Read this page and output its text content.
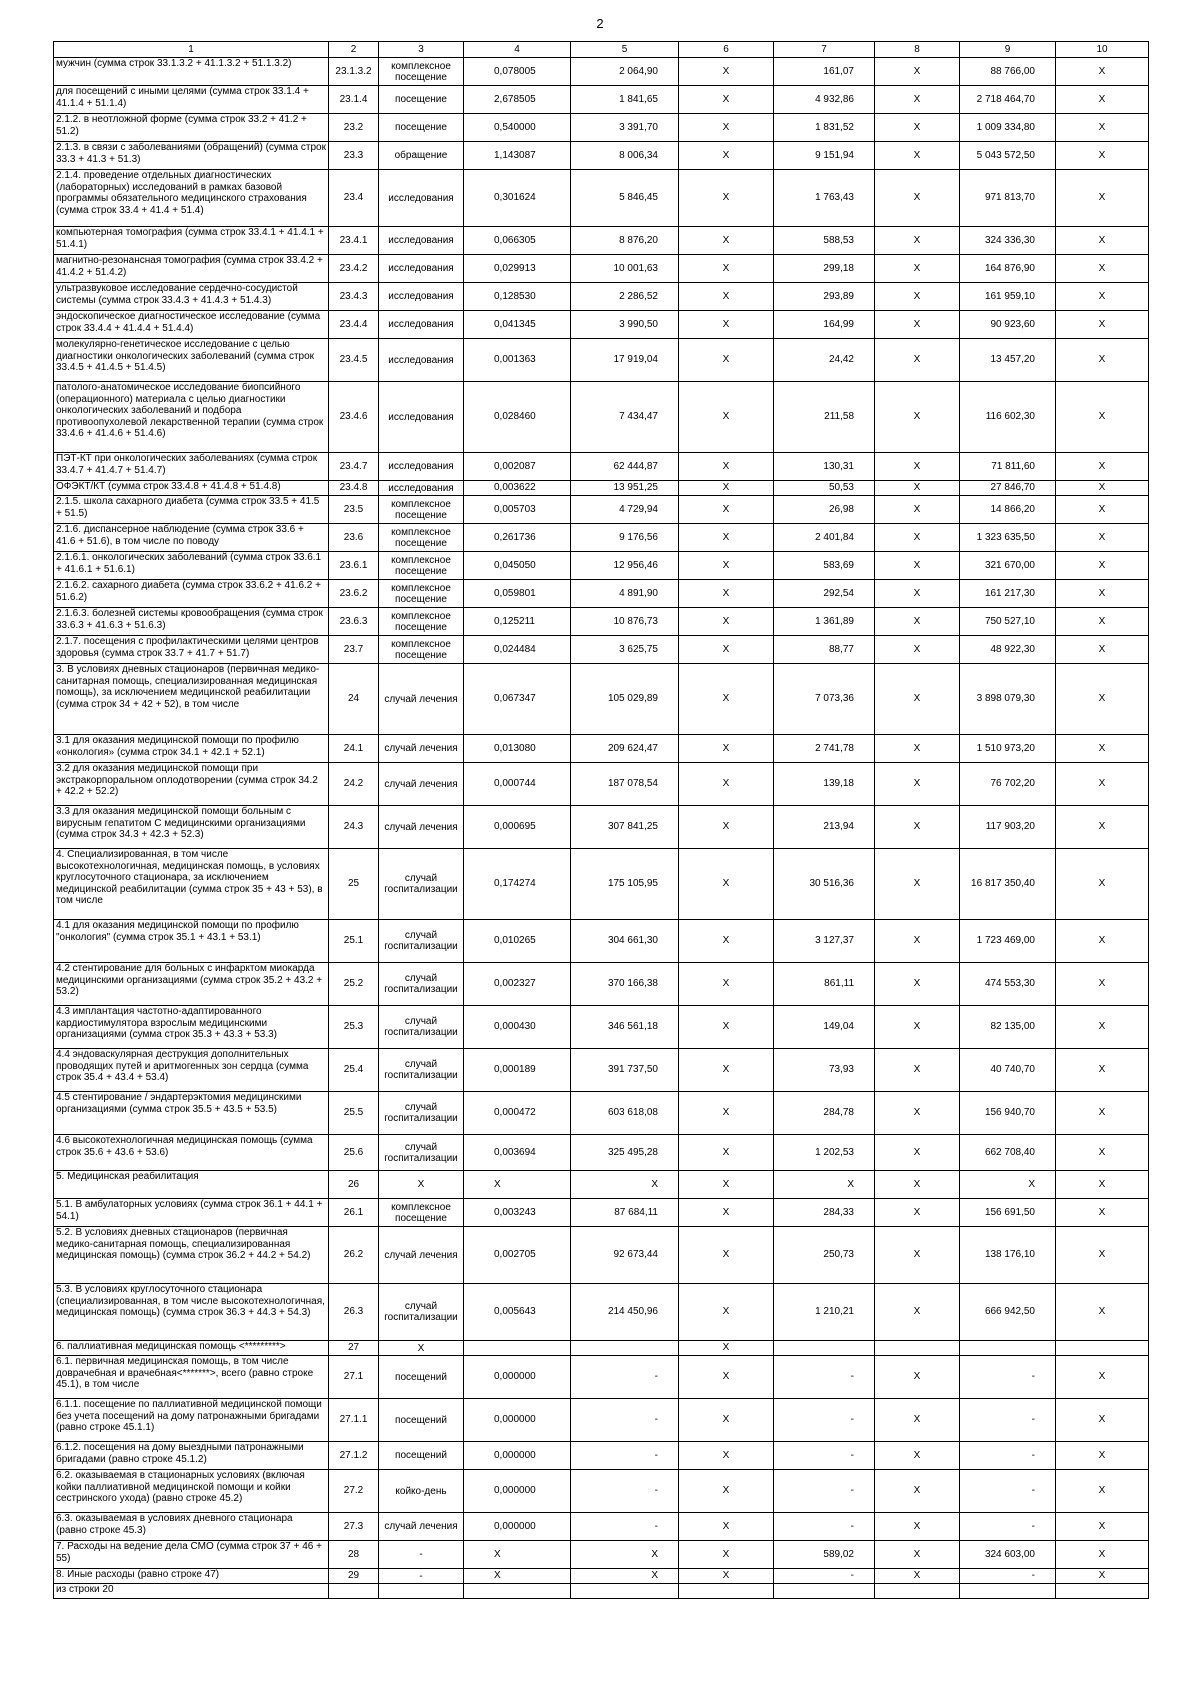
2
1	2	3	4	5	6	7	8	9	10
мужчин (сумма строк 33.1.3.2 + 41.1.3.2 + 51.1.3.2)	23.1.3.2	комплексное посещение	0,078005	2 064,90	X	161,07	X	88 766,00	X
для посещений с иными целями (сумма строк 33.1.4 + 41.1.4 + 51.1.4)	23.1.4	посещение	2,678505	1 841,65	X	4 932,86	X	2 718 464,70	X
2.1.2. в неотложной форме (сумма строк 33.2 + 41.2 + 51.2)	23.2	посещение	0,540000	3 391,70	X	1 831,52	X	1 009 334,80	X
2.1.3. в связи с заболеваниями (обращений) (сумма строк 33.3 + 41.3 + 51.3)	23.3	обращение	1,143087	8 006,34	X	9 151,94	X	5 043 572,50	X
2.1.4. проведение отдельных диагностических (лабораторных) исследований в рамках базовой программы обязательного медицинского страхования (сумма строк 33.4 + 41.4 + 51.4)	23.4	исследования	0,301624	5 846,45	X	1 763,43	X	971 813,70	X
компьютерная томография (сумма строк 33.4.1 + 41.4.1 + 51.4.1)	23.4.1	исследования	0,066305	8 876,20	X	588,53	X	324 336,30	X
магнитно-резонансная томография (сумма строк 33.4.2 + 41.4.2 + 51.4.2)	23.4.2	исследования	0,029913	10 001,63	X	299,18	X	164 876,90	X
ультразвуковое исследование сердечно-сосудистой системы (сумма строк 33.4.3 + 41.4.3 + 51.4.3)	23.4.3	исследования	0,128530	2 286,52	X	293,89	X	161 959,10	X
эндоскопическое диагностическое исследование (сумма строк 33.4.4 + 41.4.4 + 51.4.4)	23.4.4	исследования	0,041345	3 990,50	X	164,99	X	90 923,60	X
молекулярно-генетическое исследование с целью диагностики онкологических заболеваний (сумма строк 33.4.5 + 41.4.5 + 51.4.5)	23.4.5	исследования	0,001363	17 919,04	X	24,42	X	13 457,20	X
патолого-анатомическое исследование биопсийного (операционного) материала с целью диагностики онкологических заболеваний и подбора противоопухолевой лекарственной терапии (сумма строк 33.4.6 + 41.4.6 + 51.4.6)	23.4.6	исследования	0,028460	7 434,47	X	211,58	X	116 602,30	X
ПЭТ-КТ при онкологических заболеваниях (сумма строк 33.4.7 + 41.4.7 + 51.4.7)	23.4.7	исследования	0,002087	62 444,87	X	130,31	X	71 811,60	X
ОФЭКТ/КТ (сумма строк 33.4.8 + 41.4.8 + 51.4.8)	23.4.8	исследования	0,003622	13 951,25	X	50,53	X	27 846,70	X
2.1.5. школа сахарного диабета (сумма строк 33.5 + 41.5 + 51.5)	23.5	комплексное посещение	0,005703	4 729,94	X	26,98	X	14 866,20	X
2.1.6. диспансерное наблюдение (сумма строк 33.6 + 41.6 + 51.6), в том числе по поводу	23.6	комплексное посещение	0,261736	9 176,56	X	2 401,84	X	1 323 635,50	X
2.1.6.1. онкологических заболеваний (сумма строк 33.6.1 + 41.6.1 + 51.6.1)	23.6.1	комплексное посещение	0,045050	12 956,46	X	583,69	X	321 670,00	X
2.1.6.2. сахарного диабета (сумма строк 33.6.2 + 41.6.2 + 51.6.2)	23.6.2	комплексное посещение	0,059801	4 891,90	X	292,54	X	161 217,30	X
2.1.6.3. болезней системы кровообращения (сумма строк 33.6.3 + 41.6.3 + 51.6.3)	23.6.3	комплексное посещение	0,125211	10 876,73	X	1 361,89	X	750 527,10	X
2.1.7. посещения с профилактическими целями центров здоровья (сумма строк 33.7 + 41.7 + 51.7)	23.7	комплексное посещение	0,024484	3 625,75	X	88,77	X	48 922,30	X
3. В условиях дневных стационаров (первичная медико-санитарная помощь, специализированная медицинская помощь), за исключением медицинской реабилитации (сумма строк 34 + 42 + 52), в том числе	24	случай лечения	0,067347	105 029,89	X	7 073,36	X	3 898 079,30	X
3.1 для оказания медицинской помощи по профилю «онкология» (сумма строк 34.1 + 42.1 + 52.1)	24.1	случай лечения	0,013080	209 624,47	X	2 741,78	X	1 510 973,20	X
3.2 для оказания медицинской помощи при экстракорпоральном оплодотворении (сумма строк 34.2 + 42.2 + 52.2)	24.2	случай лечения	0,000744	187 078,54	X	139,18	X	76 702,20	X
3.3 для оказания медицинской помощи больным с вирусным гепатитом С медицинскими организациями (сумма строк 34.3 + 42.3 + 52.3)	24.3	случай лечения	0,000695	307 841,25	X	213,94	X	117 903,20	X
4. Специализированная, в том числе высокотехнологичная, медицинская помощь, в условиях круглосуточного стационара, за исключением медицинской реабилитации (сумма строк 35 + 43 + 53), в том числе	25	случай госпитализации	0,174274	175 105,95	X	30 516,36	X	16 817 350,40	X
4.1 для оказания медицинской помощи по профилю "онкология" (сумма строк 35.1 + 43.1 + 53.1)	25.1	случай госпитализации	0,010265	304 661,30	X	3 127,37	X	1 723 469,00	X
4.2 стентирование для больных с инфарктом миокарда медицинскими организациями (сумма строк 35.2 + 43.2 + 53.2)	25.2	случай госпитализации	0,002327	370 166,38	X	861,11	X	474 553,30	X
4.3 имплантация частотно-адаптированного кардиостимулятора взрослым медицинскими организациями (сумма строк 35.3 + 43.3 + 53.3)	25.3	случай госпитализации	0,000430	346 561,18	X	149,04	X	82 135,00	X
4.4 эндоваскулярная деструкция дополнительных проводящих путей и аритмогенных зон сердца (сумма строк 35.4 + 43.4 + 53.4)	25.4	случай госпитализации	0,000189	391 737,50	X	73,93	X	40 740,70	X
4.5 стентирование / эндартерэктомия медицинскими организациями (сумма строк 35.5 + 43.5 + 53.5)	25.5	случай госпитализации	0,000472	603 618,08	X	284,78	X	156 940,70	X
4.6 высокотехнологичная медицинская помощь (сумма строк 35.6 + 43.6 + 53.6)	25.6	случай госпитализации	0,003694	325 495,28	X	1 202,53	X	662 708,40	X
5. Медицинская реабилитация	26	X	X	X	X	X	X	X	X
5.1. В амбулаторных условиях (сумма строк 36.1 + 44.1 + 54.1)	26.1	комплексное посещение	0,003243	87 684,11	X	284,33	X	156 691,50	X
5.2. В условиях дневных стационаров (первичная медико-санитарная помощь, специализированная медицинская помощь) (сумма строк 36.2 + 44.2 + 54.2)	26.2	случай лечения	0,002705	92 673,44	X	250,73	X	138 176,10	X
5.3. В условиях круглосуточного стационара (специализированная, в том числе высокотехнологичная, медицинская помощь) (сумма строк 36.3 + 44.3 + 54.3)	26.3	случай госпитализации	0,005643	214 450,96	X	1 210,21	X	666 942,50	X
6. паллиативная медицинская помощь <*********>	27	X			X				
6.1. первичная медицинская помощь, в том числе доврачебная и врачебная<*******>, всего (равно строке 45.1), в том числе	27.1	посещений	0,000000	-	X	-	X	-	X
6.1.1. посещение по паллиативной медицинской помощи без учета посещений на дому патронажными бригадами (равно строке 45.1.1)	27.1.1	посещений	0,000000	-	X	-	X	-	X
6.1.2. посещения на дому выездными патронажными бригадами (равно строке 45.1.2)	27.1.2	посещений	0,000000	-	X	-	X	-	X
6.2. оказываемая в стационарных условиях (включая койки паллиативной медицинской помощи и койки сестринского ухода) (равно строке 45.2)	27.2	койко-день	0,000000	-	X	-	X	-	X
6.3. оказываемая в условиях дневного стационара (равно строке 45.3)	27.3	случай лечения	0,000000	-	X	-	X	-	X
7. Расходы на ведение дела СМО (сумма строк 37 + 46 + 55)	28	-	X	X	X	589,02	X	324 603,00	X
8. Иные расходы (равно строке 47)	29	-	X	X	X	-	X	-	X
из строки 20									
